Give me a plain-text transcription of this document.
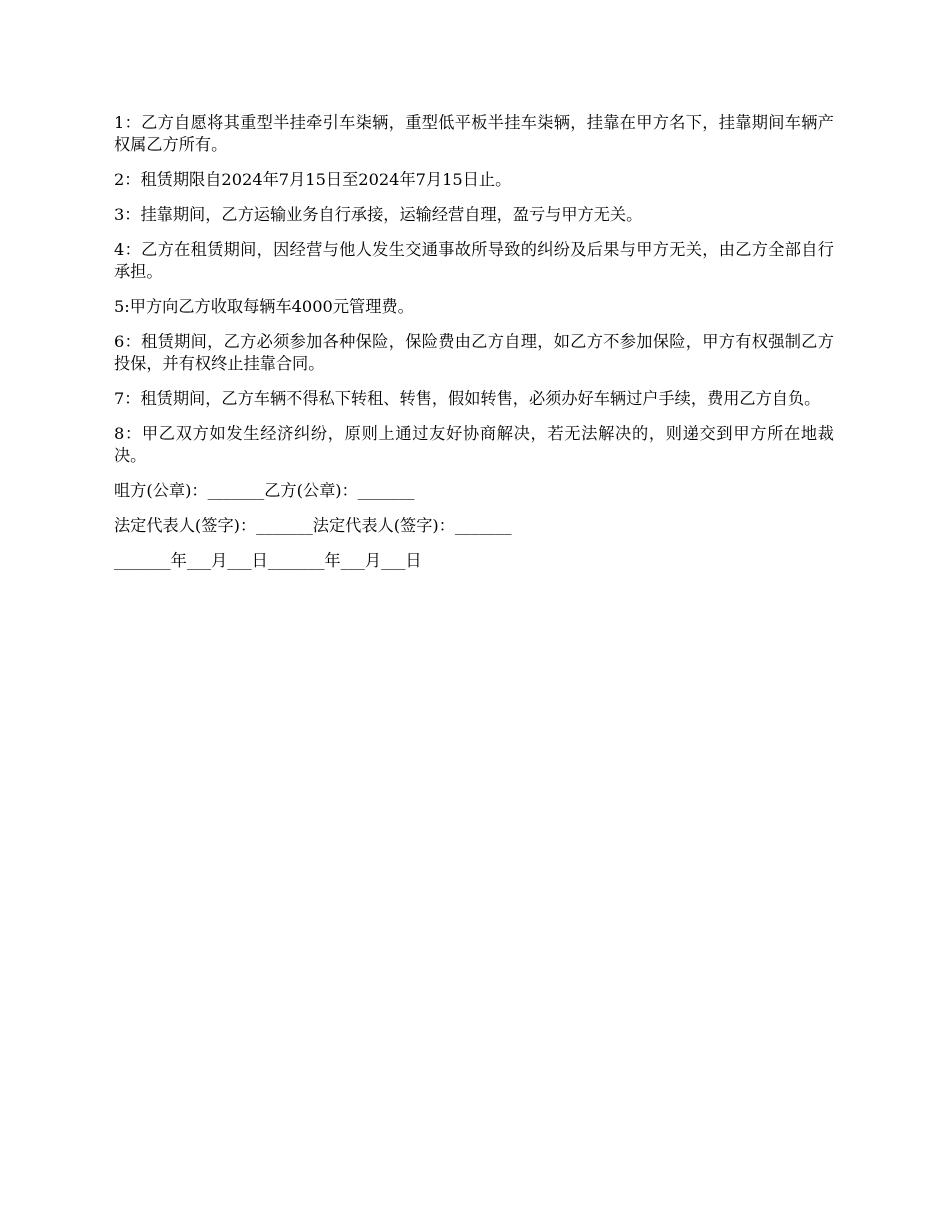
1：乙方自愿将其重型半挂牵引车柒辆，重型低平板半挂车柒辆，挂靠在甲方名下，挂靠期间车辆产权属乙方所有。

2：租赁期限自2024年7月15日至2024年7月15日止。

3：挂靠期间，乙方运输业务自行承接，运输经营自理，盈亏与甲方无关。

4：乙方在租赁期间，因经营与他人发生交通事故所导致的纠纷及后果与甲方无关，由乙方全部自行承担。

5:甲方向乙方收取每辆车4000元管理费。

6：租赁期间，乙方必须参加各种保险，保险费由乙方自理，如乙方不参加保险，甲方有权强制乙方投保，并有权终止挂靠合同。

7：租赁期间，乙方车辆不得私下转租、转售，假如转售，必须办好车辆过户手续，费用乙方自负。

8：甲乙双方如发生经济纠纷，原则上通过友好协商解决，若无法解决的，则递交到甲方所在地裁决。

咀方(公章)：_______乙方(公章)：_______

法定代表人(签字)：_______法定代表人(签字)：_______

_______年___月___日_______年___月___日
